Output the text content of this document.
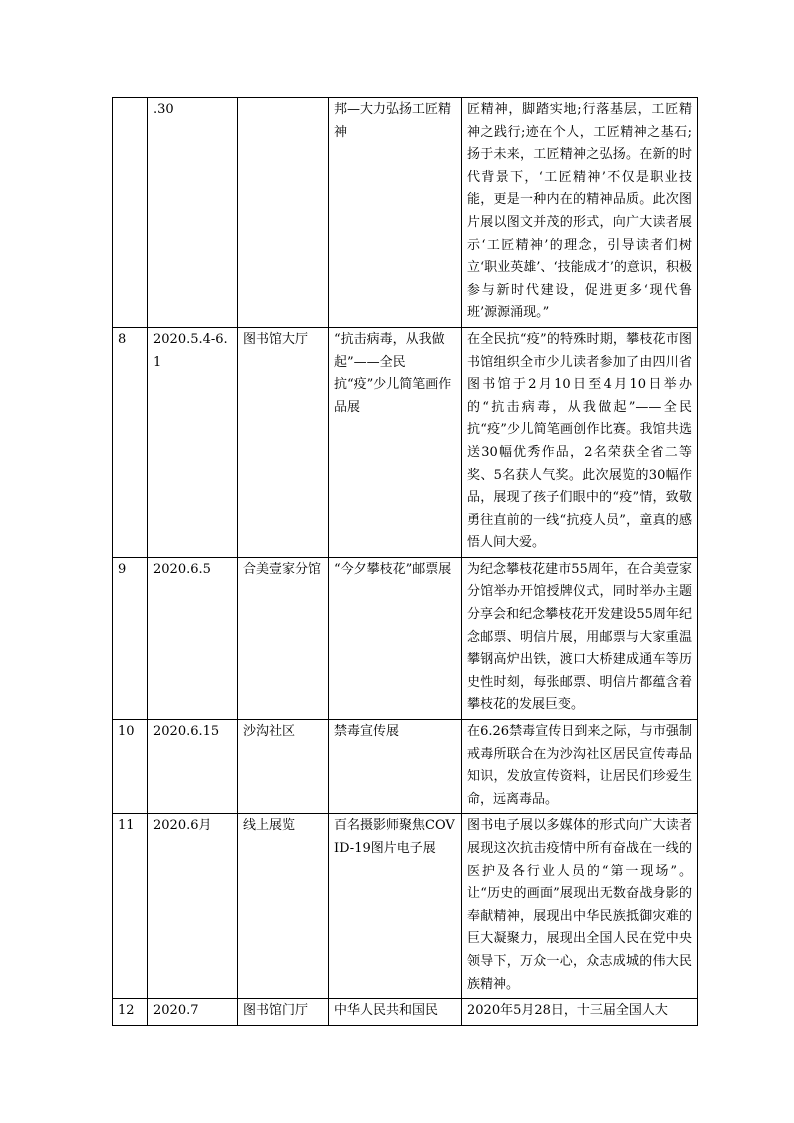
	.30		邦—大力弘扬工匠精神	匠精神，脚踏实地;行落基层，工匠精神之践行;迹在个人，工匠精神之基石;扬于未来，工匠精神之弘扬。在新的时代背景下，‘工匠精神’不仅是职业技能，更是一种内在的精神品质。此次图片展以图文并茂的形式，向广大读者展示‘工匠精神’的理念，引导读者们树立‘职业英雄’、‘技能成才’的意识，积极参与新时代建设，促进更多‘现代鲁班’源源涌现。”
8	2020.5.4-6.1	图书馆大厅	“抗击病毒，从我做起”——全民抗“疫”少儿简笔画作品展	在全民抗“疫”的特殊时期，攀枝花市图书馆组织全市少儿读者参加了由四川省图书馆于2月10日至4月10日举办的“抗击病毒，从我做起”——全民抗“疫”少儿简笔画创作比赛。我馆共选送30幅优秀作品，2名荣获全省二等奖、5名获人气奖。此次展览的30幅作品，展现了孩子们眼中的“疫”情，致敬勇往直前的一线“抗疫人员”，童真的感悟人间大爱。
9	2020.6.5	合美壹家分馆	“今夕攀枝花”邮票展	为纪念攀枝花建市55周年，在合美壹家分馆举办开馆授牌仪式，同时举办主题分享会和纪念攀枝花开发建设55周年纪念邮票、明信片展，用邮票与大家重温攀钢高炉出铁，渡口大桥建成通车等历史性时刻，每张邮票、明信片都蕴含着攀枝花的发展巨变。
10	2020.6.15	沙沟社区	禁毒宣传展	在6.26禁毒宣传日到来之际，与市强制戒毒所联合在为沙沟社区居民宣传毒品知识，发放宣传资料，让居民们珍爱生命，远离毒品。
11	2020.6月	线上展览	百名摄影师聚焦COVID-19图片电子展	图书电子展以多媒体的形式向广大读者展现这次抗击疫情中所有奋战在一线的医护及各行业人员的“第一现场”。让“历史的画面”展现出无数奋战身影的奉献精神，展现出中华民族抵御灾难的巨大凝聚力，展现出全国人民在党中央领导下，万众一心，众志成城的伟大民族精神。
12	2020.7	图书馆门厅	中华人民共和国民	2020年5月28日，十三届全国人大
